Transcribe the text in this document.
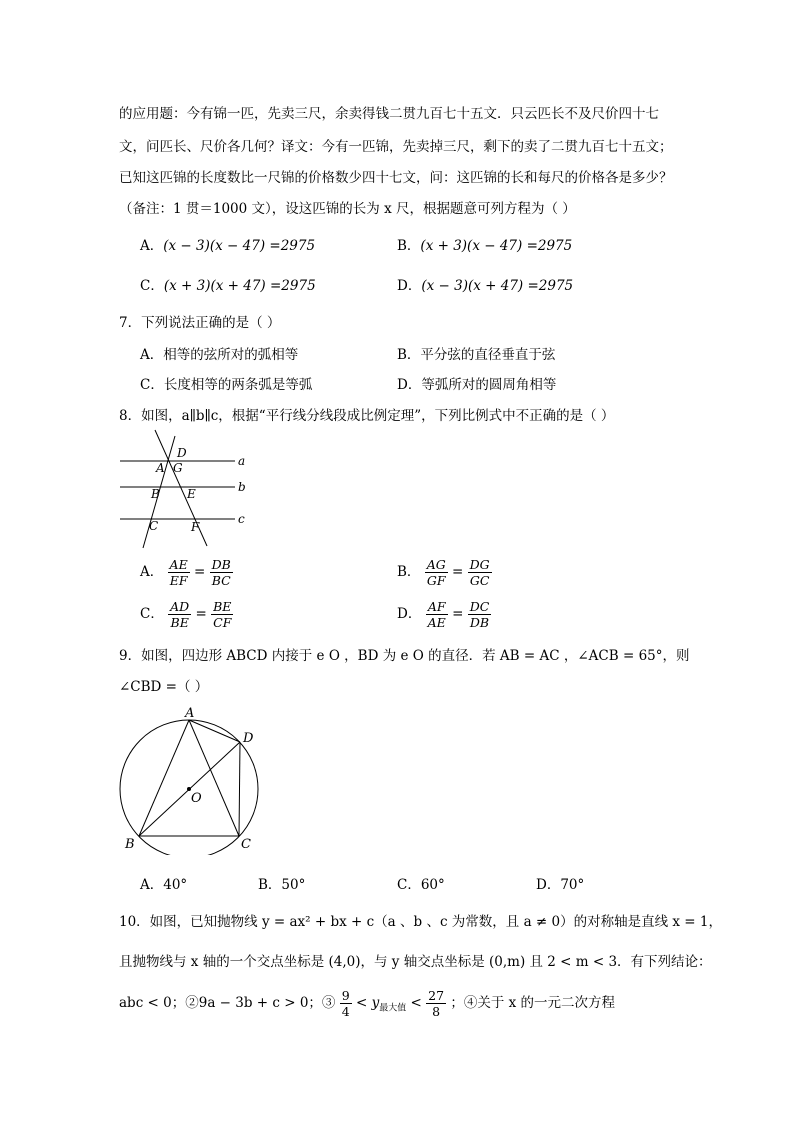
的应用题：今有锦一匹，先卖三尺，余卖得钱二贯九百七十五文．只云匹长不及尺价四十七
文，问匹长、尺价各几何？译文：今有一匹锦，先卖掉三尺，剩下的卖了二贯九百七十五文；
已知这匹锦的长度数比一尺锦的价格数少四十七文，问：这匹锦的长和每尺的价格各是多少？
（备注：1 贯＝1000 文），设这匹锦的长为 x 尺，根据题意可列方程为（ ）
A．(x − 3)(x − 47) =2975	B．(x + 3)(x − 47) =2975
C．(x + 3)(x + 47) =2975	D．(x − 3)(x + 47) =2975
7．下列说法正确的是（ ）
A．相等的弦所对的弧相等	B．平分弦的直径垂直于弦
C．长度相等的两条弧是等弧	D．等弧所对的圆周角相等
8．如图，a∥b∥c，根据“平行线分线段成比例定理”，下列比例式中不正确的是（ ）
D
A G
B E
C	F
a
b
c
A． $\frac{AE}{EF} = \frac{DB}{BC}$	B． $\frac{AG}{GF} = \frac{DG}{GC}$
C． $\frac{AD}{BE} = \frac{BE}{CF}$	D． $\frac{AF}{AE} = \frac{DC}{DB}$
9．如图，四边形 ABCD 内接于 e O ，BD 为 e O 的直径．若 AB = AC ，∠ACB = 65°，则
∠CBD =（ ）
A
B	C
D
O
A．40°	B．50°	C．60°	D．70°
10．如图，已知抛物线 y = ax² + bx + c（a 、b 、c 为常数，且 a ≠ 0）的对称轴是直线 x = 1，
且抛物线与 x 轴的一个交点坐标是 (4,0)，与 y 轴交点坐标是 (0,m) 且 2 < m < 3．有下列结论：
abc < 0；②9a − 3b + c > 0；③ $\frac{9}{4} < y_{最大值} < \frac{27}{8}$ ；④关于 x 的一元二次方程
